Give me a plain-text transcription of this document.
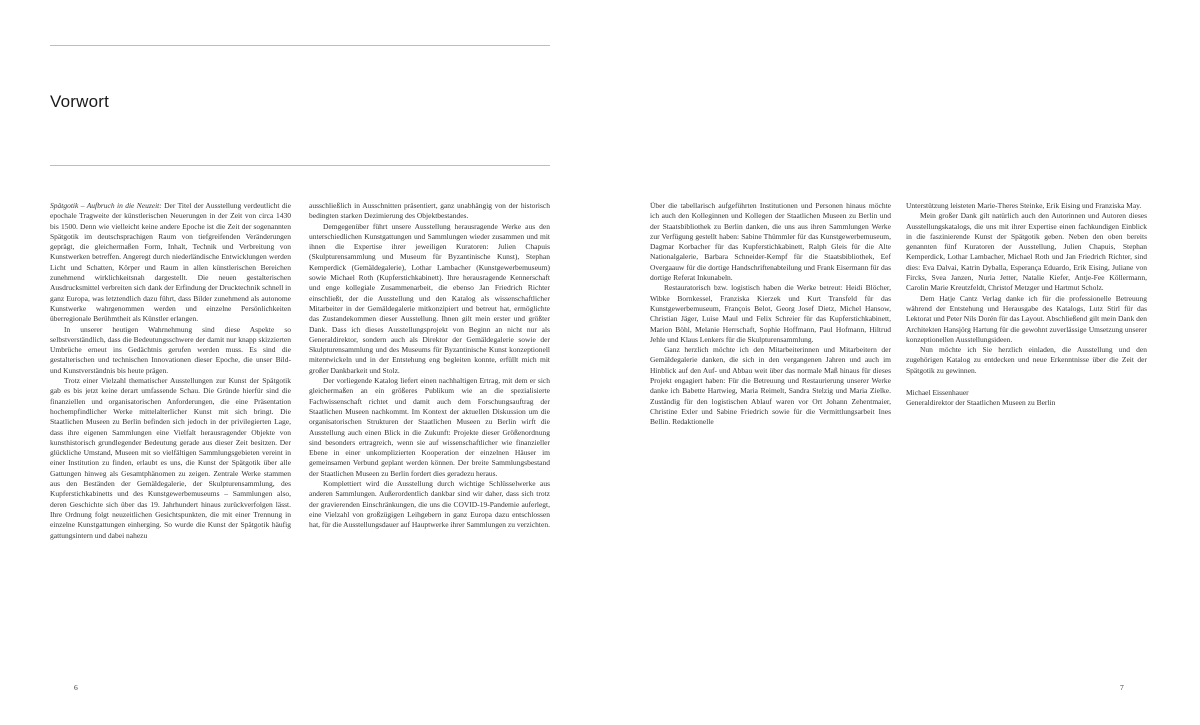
Vorwort

Spätgotik – Aufbruch in die Neuzeit: Der Titel der Ausstellung verdeutlicht die epochale Tragweite der künstlerischen Neuerungen in der Zeit von circa 1430 bis 1500. Denn wie vielleicht keine andere Epoche ist die Zeit der sogenannten Spätgotik im deutschsprachigen Raum von tiefgreifenden Veränderungen geprägt, die gleichermaßen Form, Inhalt, Technik und Verbreitung von Kunstwerken betreffen. Angeregt durch niederländische Entwicklungen werden Licht und Schatten, Körper und Raum in allen künstlerischen Bereichen zunehmend wirklichkeitsnah dargestellt. Die neuen gestalterischen Ausdrucksmittel verbreiten sich dank der Erfindung der Drucktechnik schnell in ganz Europa, was letztendlich dazu führt, dass Bilder zunehmend als autonome Kunstwerke wahrgenommen werden und einzelne Persönlichkeiten überregionale Berühmtheit als Künstler erlangen.

In unserer heutigen Wahrnehmung sind diese Aspekte so selbstverständlich, dass die Bedeutungsschwere der damit nur knapp skizzierten Umbrüche erneut ins Gedächtnis gerufen werden muss. Es sind die gestalterischen und technischen Innovationen dieser Epoche, die unser Bild- und Kunstverständnis bis heute prägen.

Trotz einer Vielzahl thematischer Ausstellungen zur Kunst der Spätgotik gab es bis jetzt keine derart umfassende Schau. Die Gründe hierfür sind die finanziellen und organisatorischen Anforderungen, die eine Präsentation hochempfindlicher Werke mittelalterlicher Kunst mit sich bringt. Die Staatlichen Museen zu Berlin befinden sich jedoch in der privilegierten Lage, dass ihre eigenen Sammlungen eine Vielfalt herausragender Objekte von kunsthistorisch grundlegender Bedeutung gerade aus dieser Zeit besitzen. Der glückliche Umstand, Museen mit so vielfältigen Sammlungsgebieten vereint in einer Institution zu finden, erlaubt es uns, die Kunst der Spätgotik über alle Gattungen hinweg als Gesamtphänomen zu zeigen. Zentrale Werke stammen aus den Beständen der Gemäldegalerie, der Skulpturensammlung, des Kupferstichkabinetts und des Kunstgewerbemuseums – Sammlungen also, deren Geschichte sich über das 19. Jahrhundert hinaus zurückverfolgen lässt. Ihre Ordnung folgt neuzeitlichen Gesichtspunkten, die mit einer Trennung in einzelne Kunstgattungen einherging. So wurde die Kunst der Spätgotik häufig gattungsintern und dabei nahezu

ausschließlich in Ausschnitten präsentiert, ganz unabhängig von der historisch bedingten starken Dezimierung des Objektbestandes.

Demgegenüber führt unsere Ausstellung herausragende Werke aus den unterschiedlichen Kunstgattungen und Sammlungen wieder zusammen und mit ihnen die Expertise ihrer jeweiligen Kuratoren: Julien Chapuis (Skulpturensammlung und Museum für Byzantinische Kunst), Stephan Kemperdick (Gemäldegalerie), Lothar Lambacher (Kunstgewerbemuseum) sowie Michael Roth (Kupferstichkabinett). Ihre herausragende Kennerschaft und enge kollegiale Zusammenarbeit, die ebenso Jan Friedrich Richter einschließt, der die Ausstellung und den Katalog als wissenschaftlicher Mitarbeiter in der Gemäldegalerie mitkonzipiert und betreut hat, ermöglichte das Zustandekommen dieser Ausstellung. Ihnen gilt mein erster und größter Dank. Dass ich dieses Ausstellungsprojekt von Beginn an nicht nur als Generaldirektor, sondern auch als Direktor der Gemäldegalerie sowie der Skulpturensammlung und des Museums für Byzantinische Kunst konzeptionell mitentwickeln und in der Entstehung eng begleiten konnte, erfüllt mich mit großer Dankbarkeit und Stolz.

Der vorliegende Katalog liefert einen nachhaltigen Ertrag, mit dem er sich gleichermaßen an ein größeres Publikum wie an die spezialisierte Fachwissenschaft richtet und damit auch dem Forschungsauftrag der Staatlichen Museen nachkommt. Im Kontext der aktuellen Diskussion um die organisatorischen Strukturen der Staatlichen Museen zu Berlin wirft die Ausstellung auch einen Blick in die Zukunft: Projekte dieser Größenordnung sind besonders ertragreich, wenn sie auf wissenschaftlicher wie finanzieller Ebene in einer unkomplizierten Kooperation der einzelnen Häuser im gemeinsamen Verbund geplant werden können. Der breite Sammlungsbestand der Staatlichen Museen zu Berlin fordert dies geradezu heraus.

Komplettiert wird die Ausstellung durch wichtige Schlüsselwerke aus anderen Sammlungen. Außerordentlich dankbar sind wir daher, dass sich trotz der gravierenden Einschränkungen, die uns die COVID-19-Pandemie auferlegt, eine Vielzahl von großzügigen Leihgebern in ganz Europa dazu entschlossen hat, für die Ausstellungsdauer auf Hauptwerke ihrer Sammlungen zu verzichten.

6

Über die tabellarisch aufgeführten Institutionen und Personen hinaus möchte ich auch den Kolleginnen und Kollegen der Staatlichen Museen zu Berlin und der Staatsbibliothek zu Berlin danken, die uns aus ihren Sammlungen Werke zur Verfügung gestellt haben: Sabine Thümmler für das Kunstgewerbemuseum, Dagmar Korbacher für das Kupferstichkabinett, Ralph Gleis für die Alte Nationalgalerie, Barbara Schneider-Kempf für die Staatsbibliothek, Eef Overgaauw für die dortige Handschriftenabteilung und Frank Eisermann für das dortige Referat Inkunabeln.

Restauratorisch bzw. logistisch haben die Werke betreut: Heidi Blöcher, Wibke Bornkessel, Franziska Kierzek und Kurt Transfeld für das Kunstgewerbemuseum, François Belot, Georg Josef Dietz, Michel Hansow, Christian Jäger, Luise Maul und Felix Schreier für das Kupferstichkabinett, Marion Böhl, Melanie Herrschaft, Sophie Hoffmann, Paul Hofmann, Hiltrud Jehle und Klaus Lenkers für die Skulpturensammlung.

Ganz herzlich möchte ich den Mitarbeiterinnen und Mitarbeitern der Gemäldegalerie danken, die sich in den vergangenen Jahren und auch im Hinblick auf den Auf- und Abbau weit über das normale Maß hinaus für dieses Projekt engagiert haben: Für die Betreuung und Restaurierung unserer Werke danke ich Babette Hartwieg, Maria Reimelt, Sandra Stelzig und Maria Zielke. Zuständig für den logistischen Ablauf waren vor Ort Johann Zehentmaier, Christine Exler und Sabine Friedrich sowie für die Vermittlungsarbeit Ines Bellin. Redaktionelle

Unterstützung leisteten Marie-Theres Steinke, Erik Eising und Franziska May.

Mein großer Dank gilt natürlich auch den Autorinnen und Autoren dieses Ausstellungskatalogs, die uns mit ihrer Expertise einen fachkundigen Einblick in die faszinierende Kunst der Spätgotik geben. Neben den oben bereits genannten fünf Kuratoren der Ausstellung, Julien Chapuis, Stephan Kemperdick, Lothar Lambacher, Michael Roth und Jan Friedrich Richter, sind dies: Eva Dalvai, Katrin Dyballa, Esperança Eduardo, Erik Eising, Juliane von Fircks, Svea Janzen, Nuria Jetter, Natalie Kiefer, Antje-Fee Köllermann, Carolin Marie Kreutzfeldt, Christof Metzger und Hartmut Scholz.

Dem Hatje Cantz Verlag danke ich für die professionelle Betreuung während der Entstehung und Herausgabe des Katalogs, Lutz Stirl für das Lektorat und Peter Nils Dorén für das Layout. Abschließend gilt mein Dank den Architekten Hansjörg Hartung für die gewohnt zuverlässige Umsetzung unserer konzeptionellen Ausstellungsideen.

Nun möchte ich Sie herzlich einladen, die Ausstellung und den zugehörigen Katalog zu entdecken und neue Erkenntnisse über die Zeit der Spätgotik zu gewinnen.

Michael Eissenhauer

Generaldirektor der Staatlichen Museen zu Berlin

7
